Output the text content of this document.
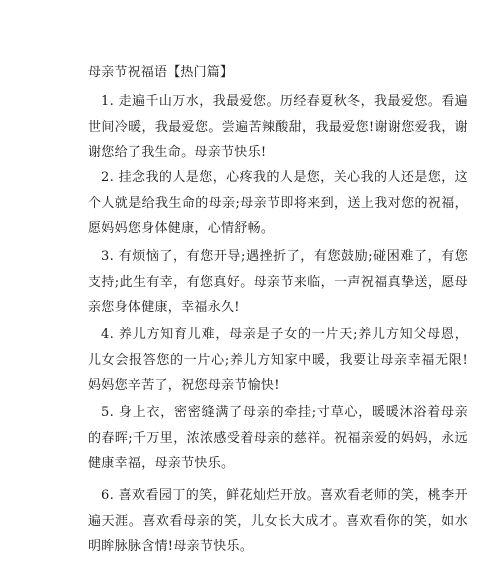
母亲节祝福语【热门篇】

1. 走遍千山万水，我最爱您。历经春夏秋冬，我最爱您。看遍世间冷暖，我最爱您。尝遍苦辣酸甜，我最爱您!谢谢您爱我，谢谢您给了我生命。母亲节快乐!

2. 挂念我的人是您，心疼我的人是您，关心我的人还是您，这个人就是给我生命的母亲;母亲节即将来到，送上我对您的祝福，愿妈妈您身体健康，心情舒畅。

3. 有烦恼了，有您开导;遇挫折了，有您鼓励;碰困难了，有您支持;此生有幸，有您真好。母亲节来临，一声祝福真挚送，愿母亲您身体健康，幸福永久!

4. 养儿方知育儿难，母亲是子女的一片天;养儿方知父母恩，儿女会报答您的一片心;养儿方知家中暖，我要让母亲幸福无限!妈妈您辛苦了，祝您母亲节愉快!

5. 身上衣，密密缝满了母亲的牵挂;寸草心，暖暖沐浴着母亲的春晖;千万里，浓浓感受着母亲的慈祥。祝福亲爱的妈妈，永远健康幸福，母亲节快乐。

6. 喜欢看园丁的笑，鲜花灿烂开放。喜欢看老师的笑，桃李开遍天涯。喜欢看母亲的笑，儿女长大成才。喜欢看你的笑，如水明眸脉脉含情!母亲节快乐。
